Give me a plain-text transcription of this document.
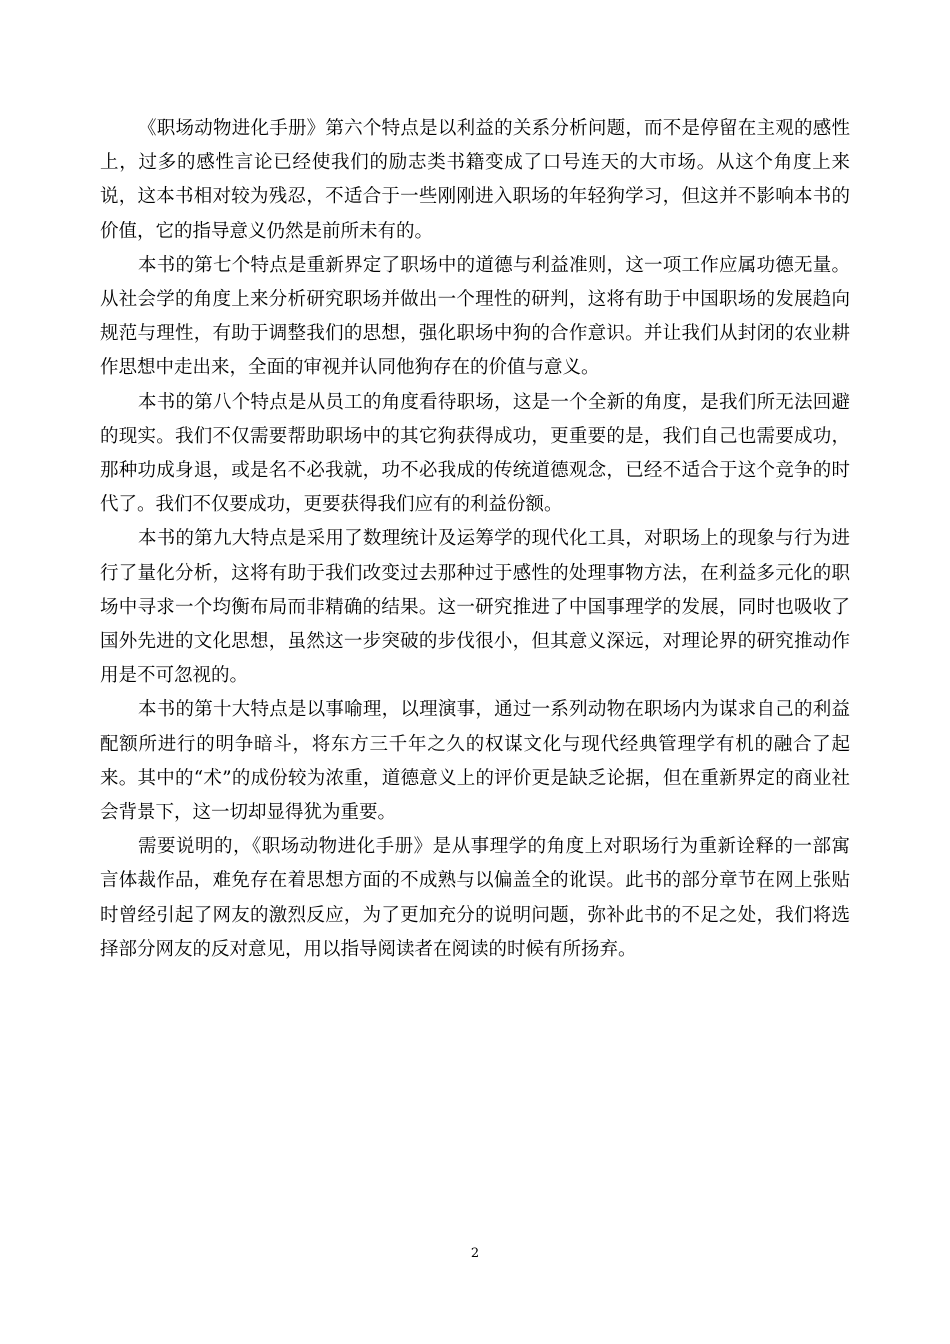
《职场动物进化手册》第六个特点是以利益的关系分析问题，而不是停留在主观的感性上，过多的感性言论已经使我们的励志类书籍变成了口号连天的大市场。从这个角度上来说，这本书相对较为残忍，不适合于一些刚刚进入职场的年轻狗学习，但这并不影响本书的价值，它的指导意义仍然是前所未有的。

本书的第七个特点是重新界定了职场中的道德与利益准则，这一项工作应属功德无量。从社会学的角度上来分析研究职场并做出一个理性的研判，这将有助于中国职场的发展趋向规范与理性，有助于调整我们的思想，强化职场中狗的合作意识。并让我们从封闭的农业耕作思想中走出来，全面的审视并认同他狗存在的价值与意义。

本书的第八个特点是从员工的角度看待职场，这是一个全新的角度，是我们所无法回避的现实。我们不仅需要帮助职场中的其它狗获得成功，更重要的是，我们自己也需要成功，那种功成身退，或是名不必我就，功不必我成的传统道德观念，已经不适合于这个竞争的时代了。我们不仅要成功，更要获得我们应有的利益份额。

本书的第九大特点是采用了数理统计及运筹学的现代化工具，对职场上的现象与行为进行了量化分析，这将有助于我们改变过去那种过于感性的处理事物方法，在利益多元化的职场中寻求一个均衡布局而非精确的结果。这一研究推进了中国事理学的发展，同时也吸收了国外先进的文化思想，虽然这一步突破的步伐很小，但其意义深远，对理论界的研究推动作用是不可忽视的。

本书的第十大特点是以事喻理，以理演事，通过一系列动物在职场内为谋求自己的利益配额所进行的明争暗斗，将东方三千年之久的权谋文化与现代经典管理学有机的融合了起来。其中的“术”的成份较为浓重，道德意义上的评价更是缺乏论据，但在重新界定的商业社会背景下，这一切却显得犹为重要。

需要说明的，《职场动物进化手册》是从事理学的角度上对职场行为重新诠释的一部寓言体裁作品，难免存在着思想方面的不成熟与以偏盖全的讹误。此书的部分章节在网上张贴时曾经引起了网友的激烈反应，为了更加充分的说明问题，弥补此书的不足之处，我们将选择部分网友的反对意见，用以指导阅读者在阅读的时候有所扬弃。

2
